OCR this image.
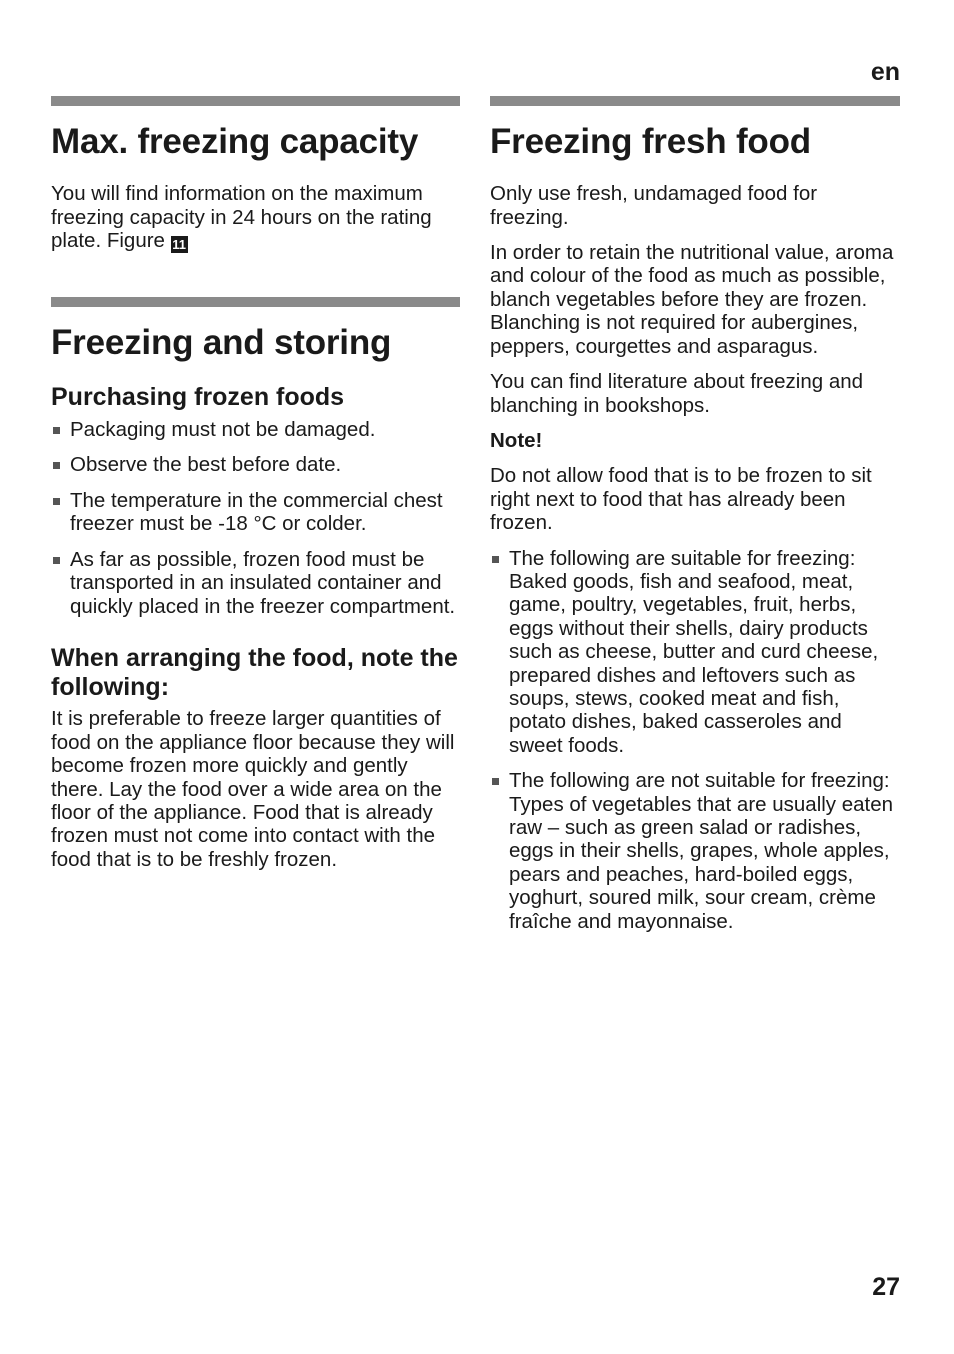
en
Max. freezing capacity

You will find information on the maximum freezing capacity in 24 hours on the rating plate. Figure 11

Freezing and storing
Purchasing frozen foods
Packaging must not be damaged.
Observe the best before date.
The temperature in the commercial chest freezer must be -18 °C or colder.
As far as possible, frozen food must be transported in an insulated container and quickly placed in the freezer compartment.
When arranging the food, note the following:

It is preferable to freeze larger quantities of food on the appliance floor because they will become frozen more quickly and gently there. Lay the food over a wide area on the floor of the appliance. Food that is already frozen must not come into contact with the food that is to be freshly frozen.

Freezing fresh food

Only use fresh, undamaged food for freezing.

In order to retain the nutritional value, aroma and colour of the food as much as possible, blanch vegetables before they are frozen. Blanching is not required for aubergines, peppers, courgettes and asparagus.

You can find literature about freezing and blanching in bookshops.

Note!

Do not allow food that is to be frozen to sit right next to food that has already been frozen.

The following are suitable for freezing: Baked goods, fish and seafood, meat, game, poultry, vegetables, fruit, herbs, eggs without their shells, dairy products such as cheese, butter and curd cheese, prepared dishes and leftovers such as soups, stews, cooked meat and fish, potato dishes, baked casseroles and sweet foods.
The following are not suitable for freezing:
Types of vegetables that are usually eaten raw – such as green salad or radishes, eggs in their shells, grapes, whole apples, pears and peaches, hard-boiled eggs, yoghurt, soured milk, sour cream, crème fraîche and mayonnaise.
27
